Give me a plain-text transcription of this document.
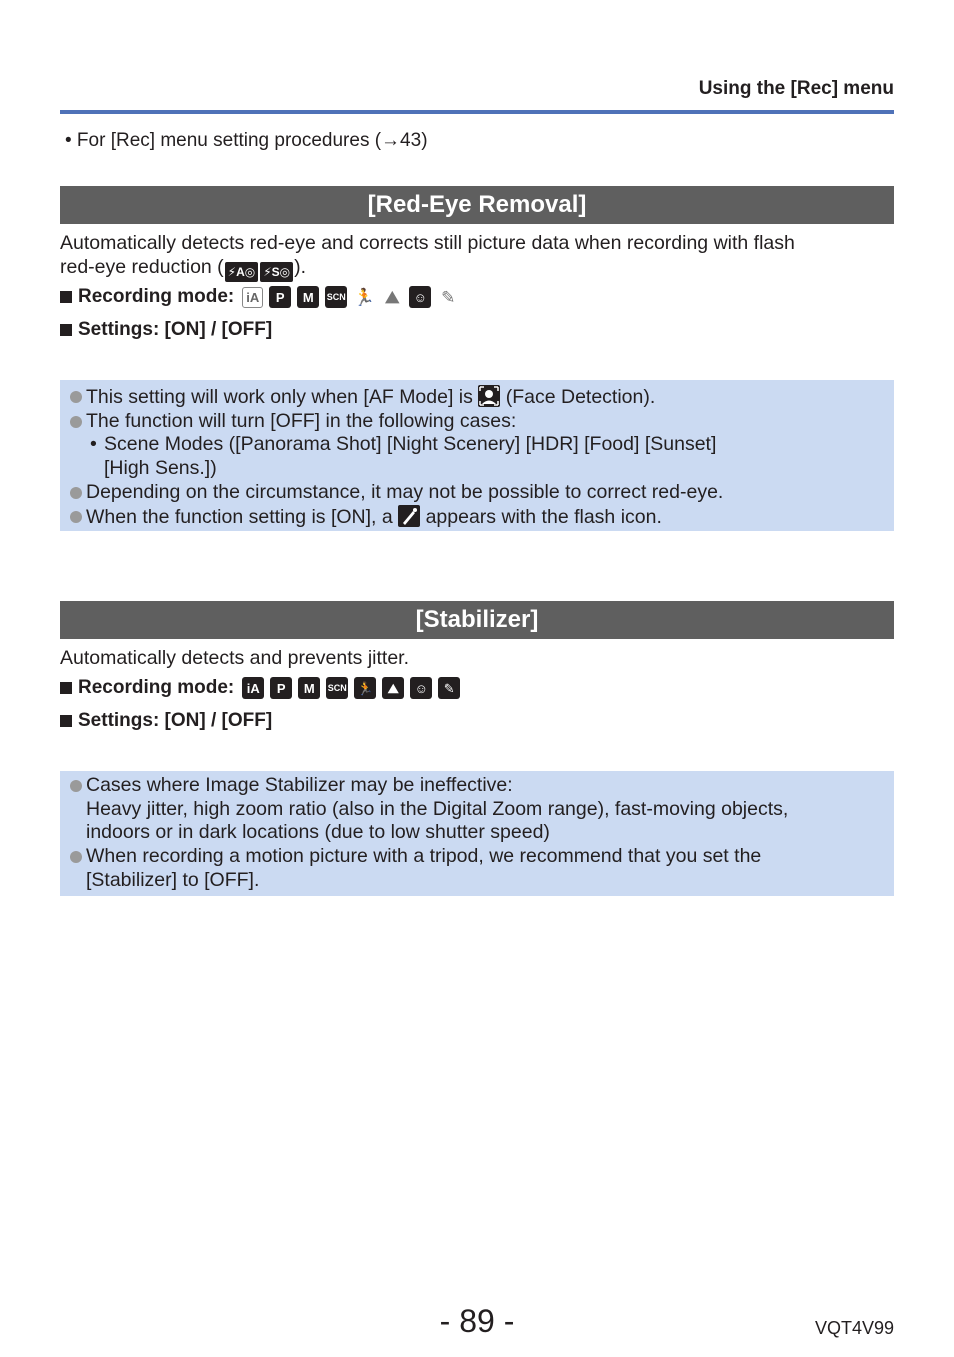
Using the [Rec] menu
• For [Rec] menu setting procedures (→43)
[Red-Eye Removal]
Automatically detects red-eye and corrects still picture data when recording with flash
red-eye reduction ( ⚡A◎ ⚡S◎ ).
Recording mode: iA	P	M	SCN 🏃 ⛰	☺ ✎
Settings: [ON] / [OFF]
This setting will work only when [AF Mode] is  (Face Detection).
The function will turn [OFF] in the following cases:
• Scene Modes ([Panorama Shot] [Night Scenery] [HDR] [Food] [Sunset]
[High Sens.])
Depending on the circumstance, it may not be possible to correct red-eye.
When the function setting is [ON], a  appears with the flash icon.
[Stabilizer]
Automatically detects and prevents jitter.
Recording mode: iA	P	M	SCN 🏃	⛰	☺	✎
Settings: [ON] / [OFF]
Cases where Image Stabilizer may be ineffective:
Heavy jitter, high zoom ratio (also in the Digital Zoom range), fast-moving objects,
indoors or in dark locations (due to low shutter speed)
When recording a motion picture with a tripod, we recommend that you set the
[Stabilizer] to [OFF].
- 89 -	VQT4V99
